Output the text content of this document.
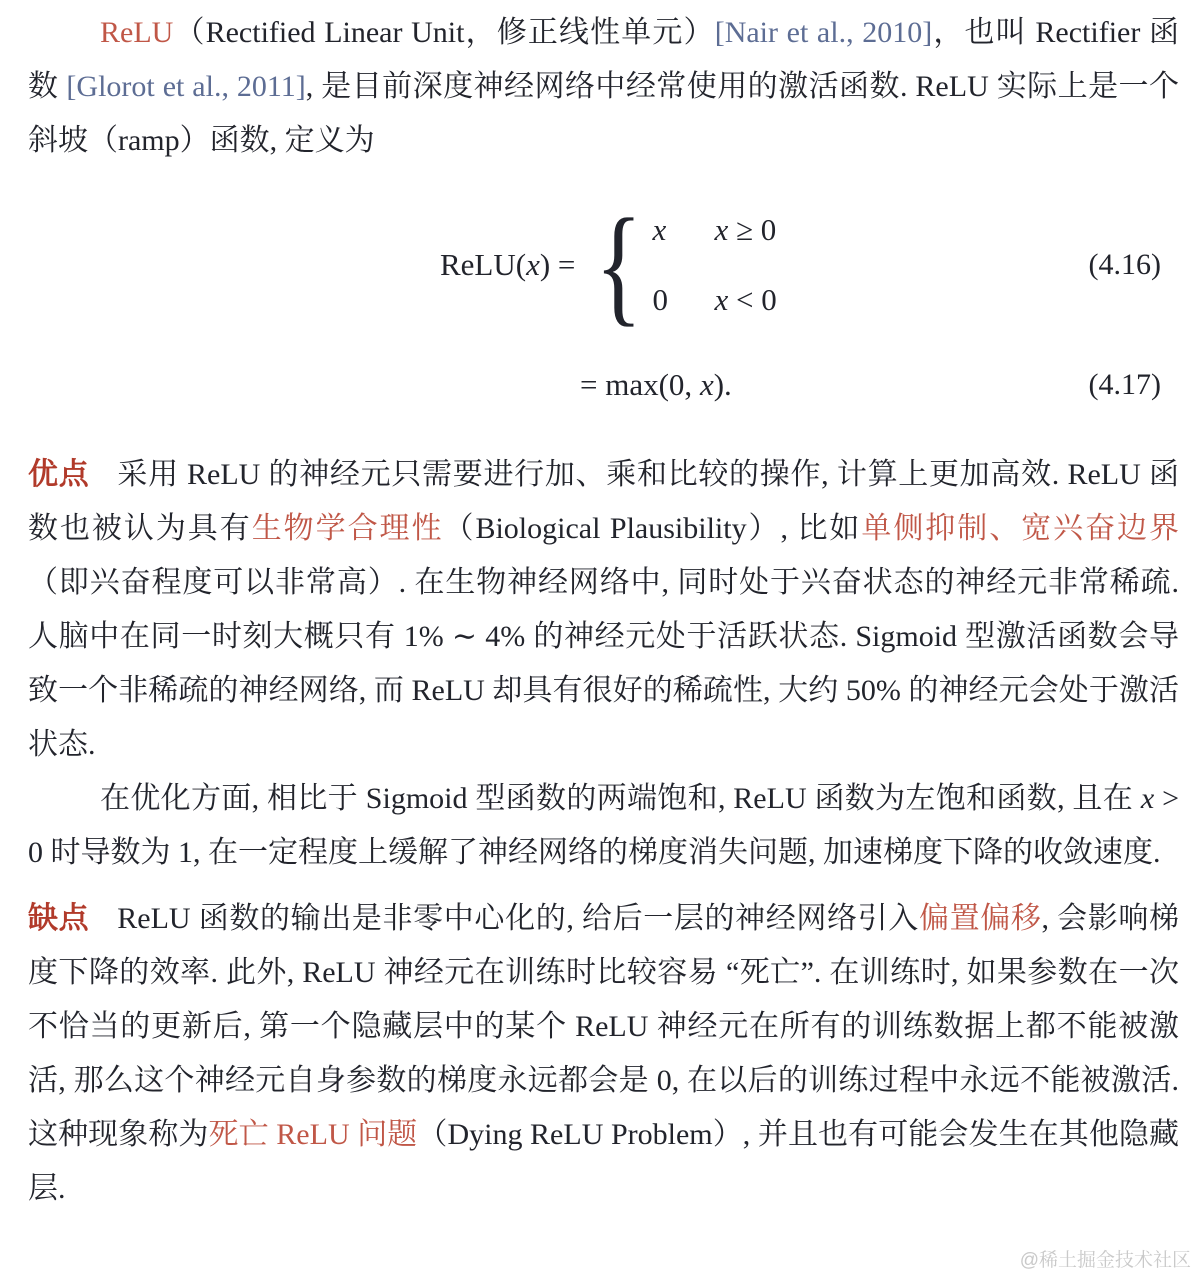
ReLU（Rectified Linear Unit，修正线性单元）[Nair et al., 2010]，也叫 Rectifier 函数 [Glorot et al., 2011], 是目前深度神经网络中经常使用的激活函数. ReLU 实际上是一个斜坡（ramp）函数, 定义为

ReLU(x) = { x	x ≥ 0
0	x < 0
(4.16)
= max(0, x).	(4.17)

优点 采用 ReLU 的神经元只需要进行加、乘和比较的操作, 计算上更加高效. ReLU 函数也被认为具有生物学合理性（Biological Plausibility）, 比如单侧抑制、宽兴奋边界（即兴奋程度可以非常高）. 在生物神经网络中, 同时处于兴奋状态的神经元非常稀疏. 人脑中在同一时刻大概只有 1% ∼ 4% 的神经元处于活跃状态. Sigmoid 型激活函数会导致一个非稀疏的神经网络, 而 ReLU 却具有很好的稀疏性, 大约 50% 的神经元会处于激活状态.

在优化方面, 相比于 Sigmoid 型函数的两端饱和, ReLU 函数为左饱和函数, 且在 x > 0 时导数为 1, 在一定程度上缓解了神经网络的梯度消失问题, 加速梯度下降的收敛速度.

缺点 ReLU 函数的输出是非零中心化的, 给后一层的神经网络引入偏置偏移, 会影响梯度下降的效率. 此外, ReLU 神经元在训练时比较容易 “死亡”. 在训练时, 如果参数在一次不恰当的更新后, 第一个隐藏层中的某个 ReLU 神经元在所有的训练数据上都不能被激活, 那么这个神经元自身参数的梯度永远都会是 0, 在以后的训练过程中永远不能被激活. 这种现象称为死亡 ReLU 问题（Dying ReLU Problem）, 并且也有可能会发生在其他隐藏层.

@稀土掘金技术社区
